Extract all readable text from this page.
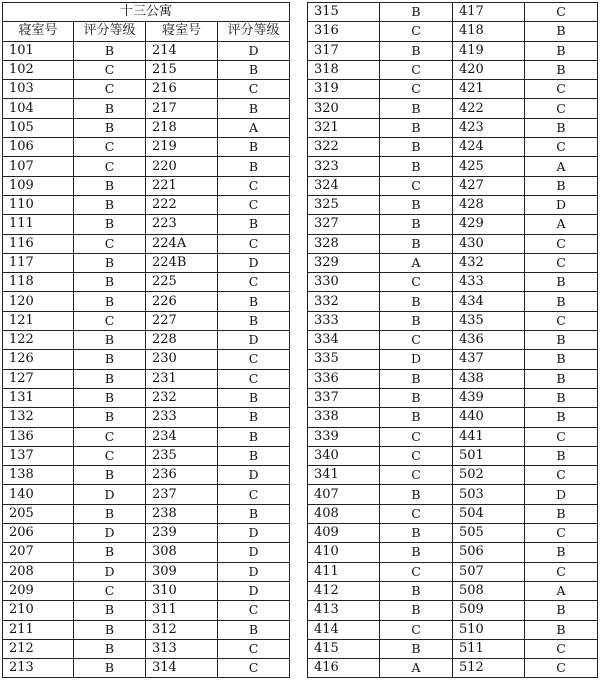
十三公寓			
寝室号	评分等级	寝室号	评分等级
101	B	214	D
102	C	215	B
103	C	216	C
104	B	217	B
105	B	218	A
106	C	219	B
107	C	220	B
109	B	221	C
110	B	222	C
111	B	223	B
116	C	224A	C
117	B	224B	D
118	B	225	C
120	B	226	B
121	C	227	B
122	B	228	D
126	B	230	C
127	B	231	C
131	B	232	B
132	B	233	B
136	C	234	B
137	C	235	B
138	B	236	D
140	D	237	C
205	B	238	B
206	D	239	D
207	B	308	D
208	D	309	D
209	C	310	D
210	B	311	C
211	B	312	B
212	B	313	C
213	B	314	C
315	B	417	C
316	C	418	B
317	B	419	B
318	C	420	B
319	C	421	C
320	B	422	C
321	B	423	B
322	B	424	C
323	B	425	A
324	C	427	B
325	B	428	D
327	B	429	A
328	B	430	C
329	A	432	C
330	C	433	B
332	B	434	B
333	B	435	C
334	C	436	B
335	D	437	B
336	B	438	B
337	B	439	B
338	B	440	B
339	C	441	C
340	C	501	B
341	C	502	C
407	B	503	D
408	C	504	B
409	B	505	C
410	B	506	B
411	C	507	C
412	B	508	A
413	B	509	B
414	C	510	B
415	B	511	C
416	A	512	C
